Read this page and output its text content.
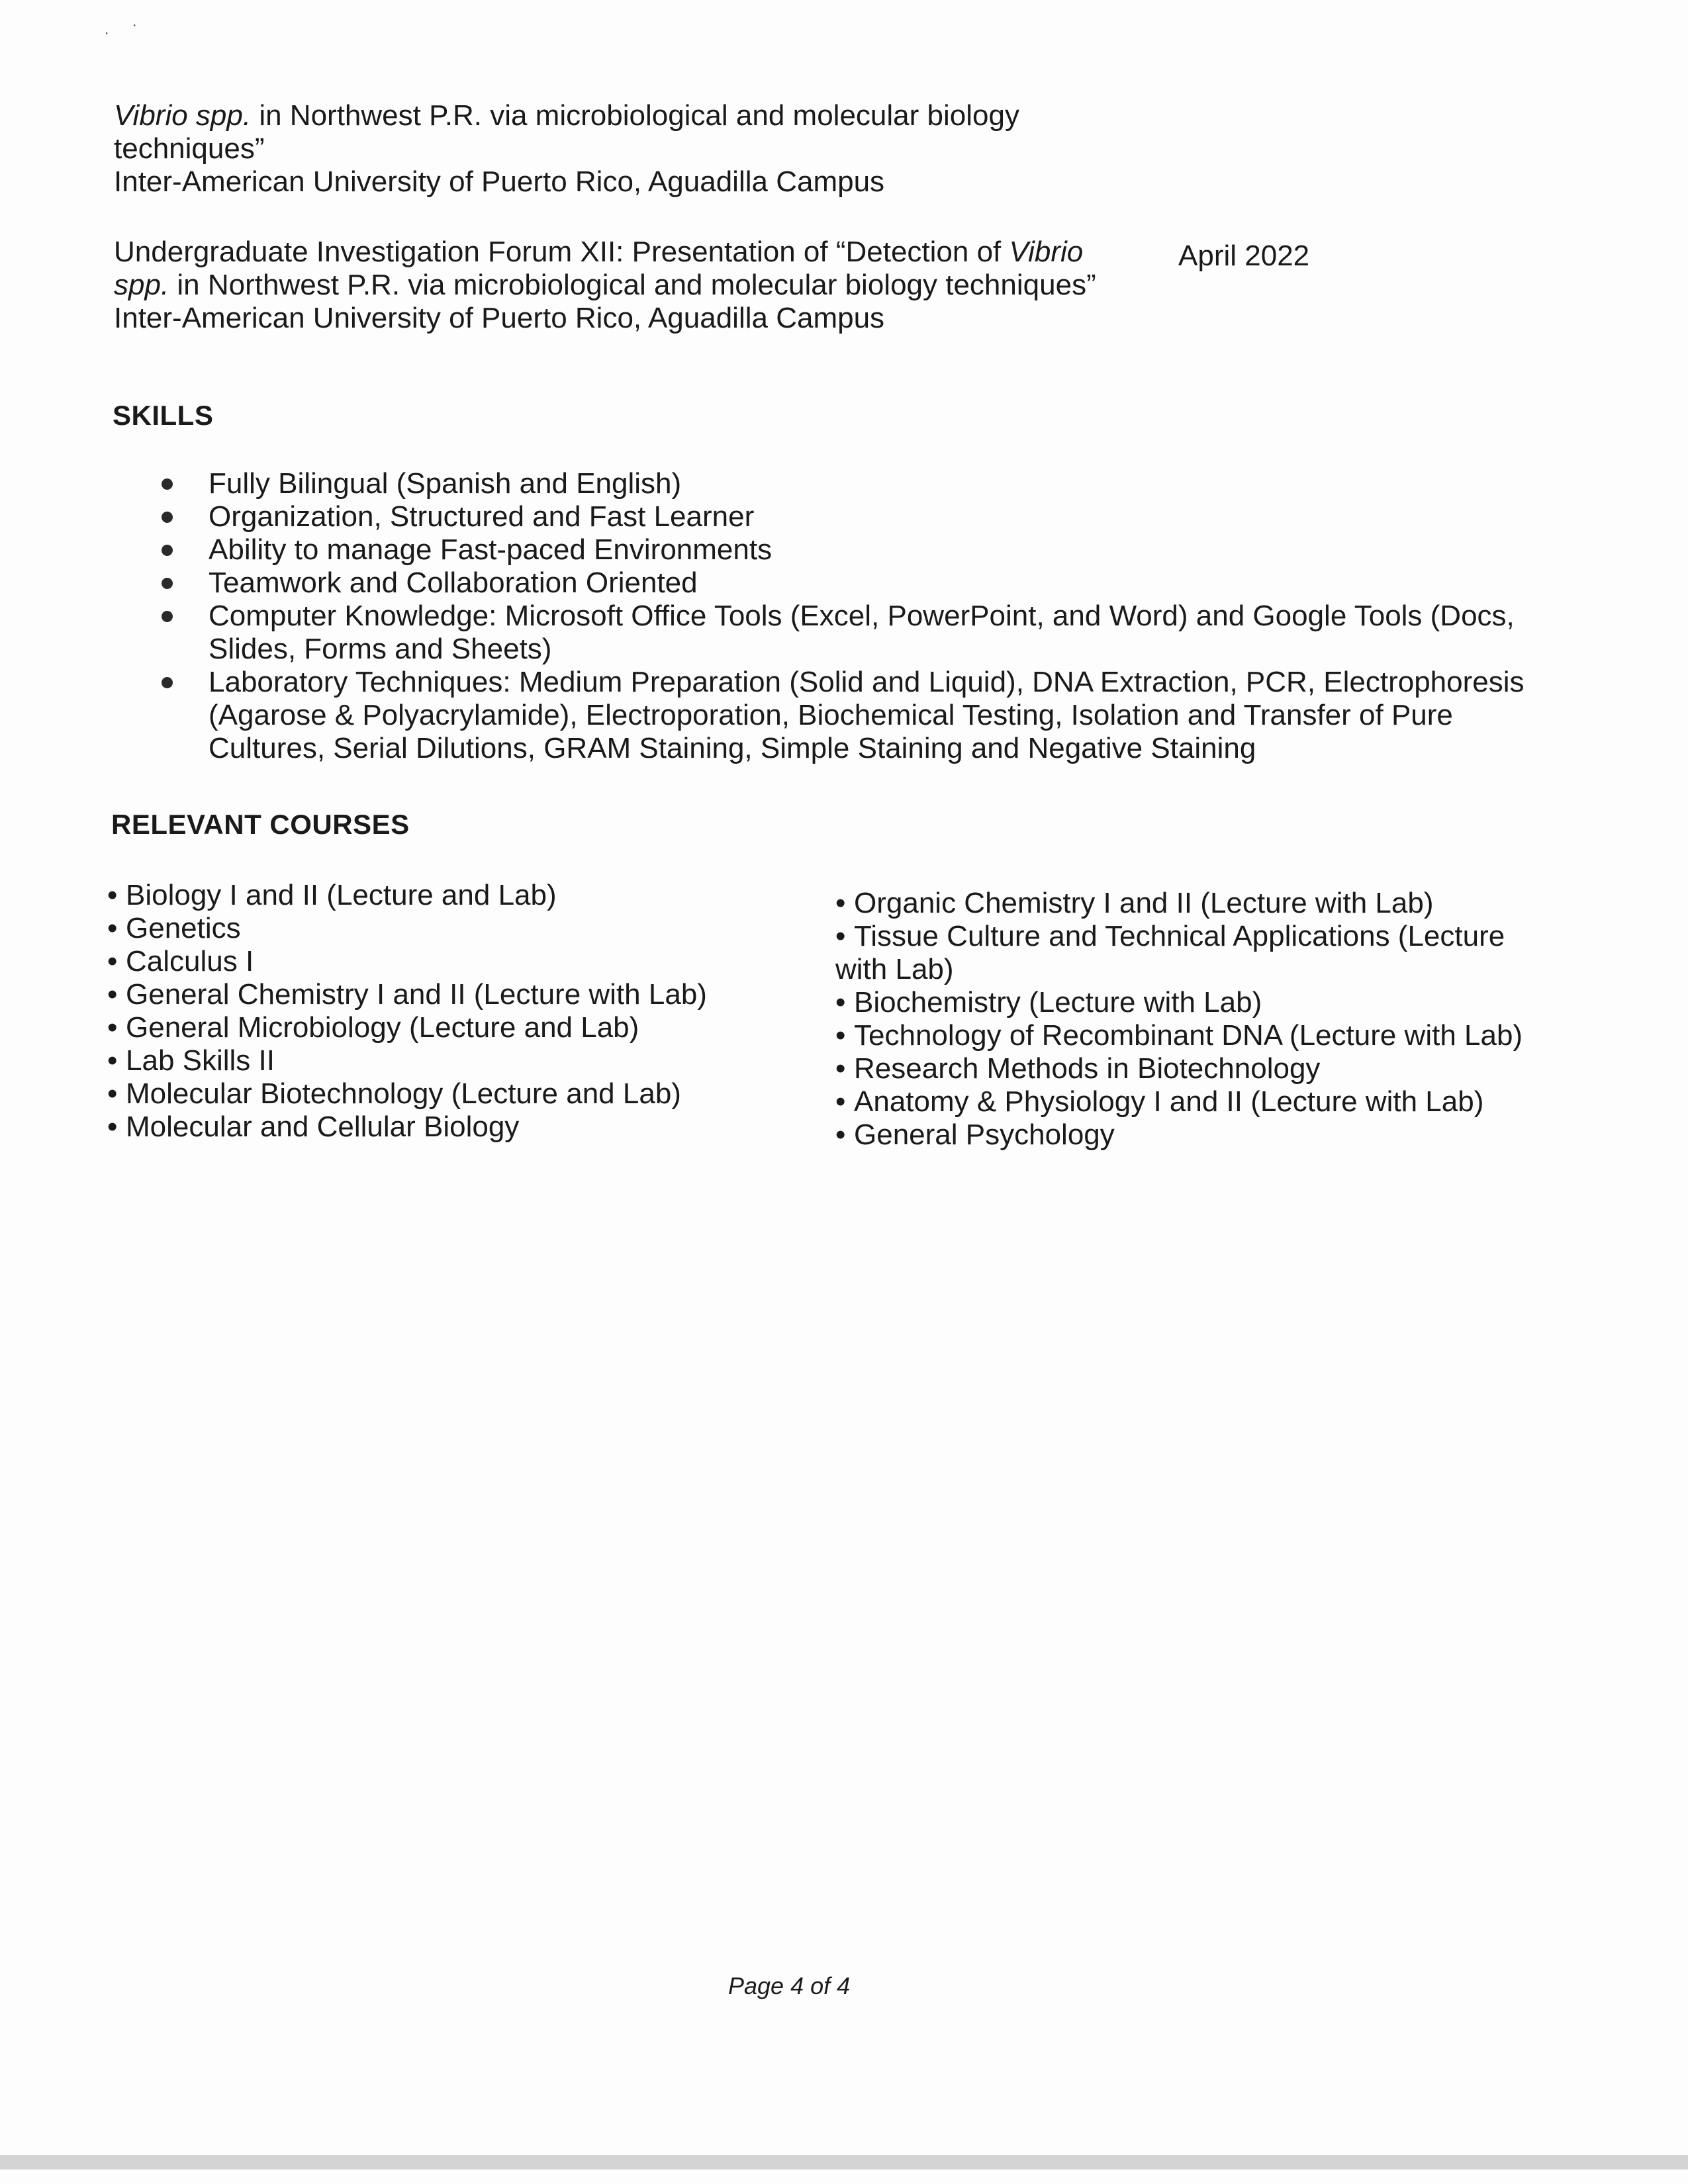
⋅
⋅
Vibrio spp. in Northwest P.R. via microbiological and molecular biology
techniques”
Inter-American University of Puerto Rico, Aguadilla Campus
Undergraduate Investigation Forum XII: Presentation of “Detection of Vibrio
spp. in Northwest P.R. via microbiological and molecular biology techniques”
Inter-American University of Puerto Rico, Aguadilla Campus
April 2022
SKILLS
Fully Bilingual (Spanish and English)
Organization, Structured and Fast Learner
Ability to manage Fast-paced Environments
Teamwork and Collaboration Oriented
Computer Knowledge: Microsoft Office Tools (Excel, PowerPoint, and Word) and Google Tools (Docs, Slides, Forms and Sheets)
Laboratory Techniques: Medium Preparation (Solid and Liquid), DNA Extraction, PCR, Electrophoresis (Agarose & Polyacrylamide), Electroporation, Biochemical Testing, Isolation and Transfer of Pure Cultures, Serial Dilutions, GRAM Staining, Simple Staining and Negative Staining
RELEVANT COURSES
• Biology I and II (Lecture and Lab)
• Genetics
• Calculus I
• General Chemistry I and II (Lecture with Lab)
• General Microbiology (Lecture and Lab)
• Lab Skills II
• Molecular Biotechnology (Lecture and Lab)
• Molecular and Cellular Biology
• Organic Chemistry I and II (Lecture with Lab)
• Tissue Culture and Technical Applications (Lecture with Lab)
• Biochemistry (Lecture with Lab)
• Technology of Recombinant DNA (Lecture with Lab)
• Research Methods in Biotechnology
• Anatomy & Physiology I and II (Lecture with Lab)
• General Psychology
Page 4 of 4
